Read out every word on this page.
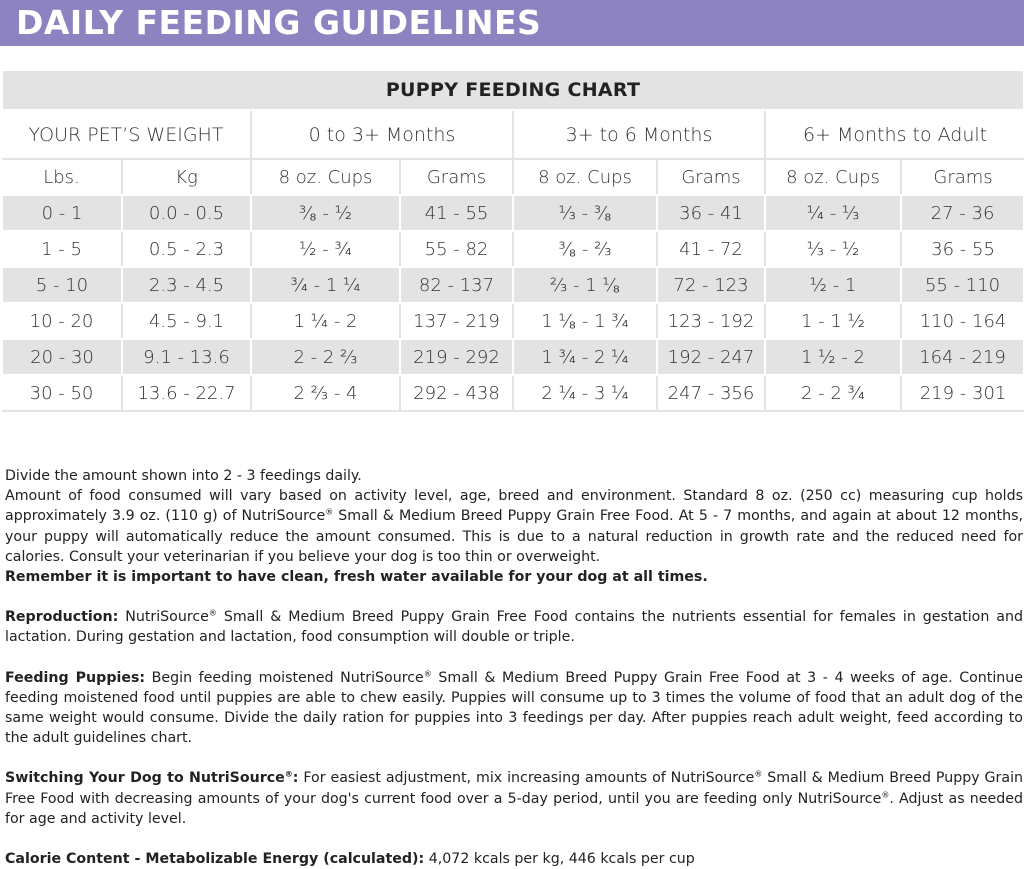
DAILY FEEDING GUIDELINES
PUPPY FEEDING CHART							
YOUR PET’S WEIGHT		0 to 3+ Months		3+ to 6 Months		6+ Months to Adult	
Lbs.	Kg	8 oz. Cups	Grams	8 oz. Cups	Grams	8 oz. Cups	Grams
0 - 1	0.0 - 0.5	³⁄₈ - ¹⁄₂	41 - 55	¹⁄₃ - ³⁄₈	36 - 41	¹⁄₄ - ¹⁄₃	27 - 36
1 - 5	0.5 - 2.3	¹⁄₂ - ³⁄₄	55 - 82	³⁄₈ - ²⁄₃	41 - 72	¹⁄₃ - ¹⁄₂	36 - 55
5 - 10	2.3 - 4.5	³⁄₄ - 1 ¹⁄₄	82 - 137	²⁄₃ - 1 ¹⁄₈	72 - 123	¹⁄₂ - 1	55 - 110
10 - 20	4.5 - 9.1	1 ¹⁄₄ - 2	137 - 219	1 ¹⁄₈ - 1 ³⁄₄	123 - 192	1 - 1 ¹⁄₂	110 - 164
20 - 30	9.1 - 13.6	2 - 2 ²⁄₃	219 - 292	1 ³⁄₄ - 2 ¹⁄₄	192 - 247	1 ¹⁄₂ - 2	164 - 219
30 - 50	13.6 - 22.7	2 ²⁄₃ - 4	292 - 438	2 ¹⁄₄ - 3 ¹⁄₄	247 - 356	2 - 2 ³⁄₄	219 - 301

Divide the amount shown into 2 - 3 feedings daily.

Amount of food consumed will vary based on activity level, age, breed and environment. Standard 8 oz. (250 cc) measuring cup holds approximately 3.9 oz. (110 g) of NutriSource® Small & Medium Breed Puppy Grain Free Food. At 5 - 7 months, and again at about 12 months, your puppy will automatically reduce the amount consumed. This is due to a natural reduction in growth rate and the reduced need for calories. Consult your veterinarian if you believe your dog is too thin or overweight.

Remember it is important to have clean, fresh water available for your dog at all times.

Reproduction: NutriSource® Small & Medium Breed Puppy Grain Free Food contains the nutrients essential for females in gestation and lactation. During gestation and lactation, food consumption will double or triple.

Feeding Puppies: Begin feeding moistened NutriSource® Small & Medium Breed Puppy Grain Free Food at 3 - 4 weeks of age. Continue feeding moistened food until puppies are able to chew easily. Puppies will consume up to 3 times the volume of food that an adult dog of the same weight would consume. Divide the daily ration for puppies into 3 feedings per day. After puppies reach adult weight, feed according to the adult guidelines chart.

Switching Your Dog to NutriSource®: For easiest adjustment, mix increasing amounts of NutriSource® Small & Medium Breed Puppy Grain Free Food with decreasing amounts of your dog's current food over a 5-day period, until you are feeding only NutriSource®. Adjust as needed for age and activity level.

Calorie Content - Metabolizable Energy (calculated): 4,072 kcals per kg, 446 kcals per cup
